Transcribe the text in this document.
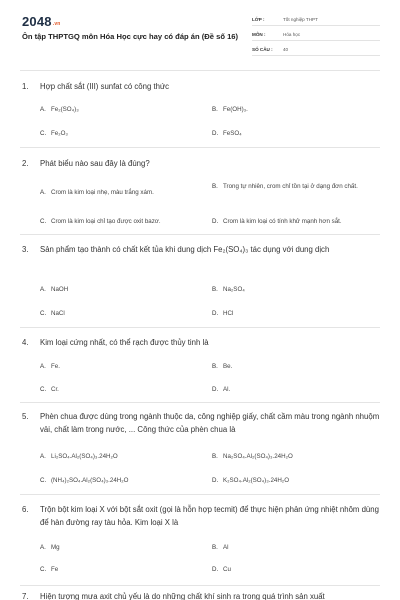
2048.vn
Ôn tập THPTGQ môn Hóa Học cực hay có đáp án (Đề số 16)
LỚP :	Tốt nghiệp THPT
MÔN :	Hóa học
SỐ CÂU :	40
1.	Hợp chất sắt (III) sunfat có công thức
A. Fe₂(SO₄)₃	B. Fe(OH)₃.
C. Fe₂O₃	D. FeSO₄
2.	Phát biểu nào sau đây là đúng?
A. Crom là kim loại nhẹ, màu trắng xám.
B. Trong tự nhiên, crom chỉ tồn tại ở dạng đơn chất.
C. Crom là kim loại chỉ tạo được oxit bazơ.	D. Crom là kim loại có tính khử mạnh hơn sắt.
3.	Sản phẩm tạo thành có chất kết tủa khi dung dịch Fe₂(SO₄)₃ tác dụng với dung dịch
A. NaOH	B. Na₂SO₄
C. NaCl	D. HCl
4.	Kim loại cứng nhất, có thể rạch được thủy tinh là
A. Fe.	B. Be.
C. Cr.	D. Al.
5.	Phèn chua được dùng trong ngành thuộc da, công nghiệp giấy, chất cầm màu trong ngành nhuộm vải, chất làm trong nước, ... Công thức của phèn chua là
A. Li₂SO₄.Al₂(SO₄)₃.24H₂O	B. Na₂SO₄.Al₂(SO₄)₃.24H₂O
C. (NH₄)₂SO₄.Al₂(SO₄)₃.24H₂O	D. K₂SO₄.Al₂(SO₄)₃.24H₂O
6.	Trộn bột kim loại X với bột sắt oxit (gọi là hỗn hợp tecmit) để thực hiện phản ứng nhiệt nhôm dùng để hàn đường ray tàu hỏa. Kim loại X là
A. Mg	B. Al
C. Fe	D. Cu
7.	Hiện tượng mưa axit chủ yếu là do những chất khí sinh ra trong quá trình sản xuất
